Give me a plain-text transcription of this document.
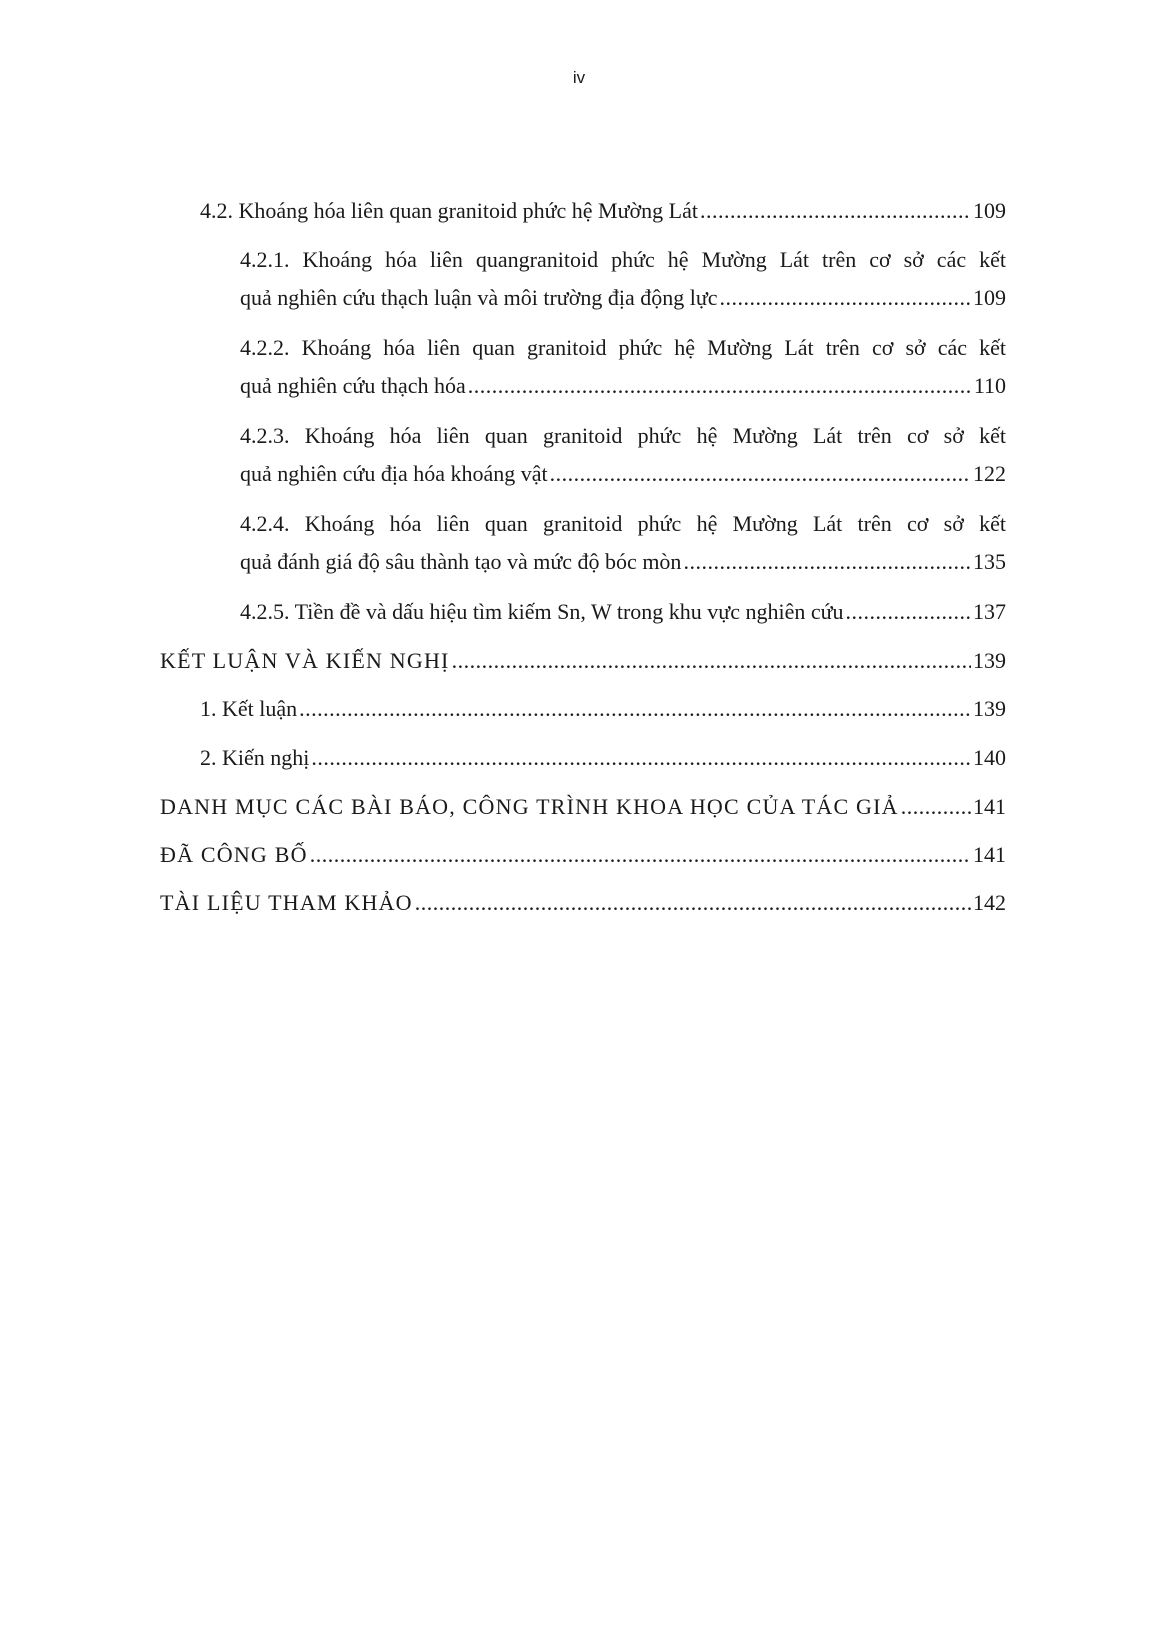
iv
4.2. Khoáng hóa liên quan granitoid phức hệ Mường Lát .....	109
4.2.1. Khoáng hóa liên quangranitoid phức hệ Mường Lát trên cơ sở các kết
quả nghiên cứu thạch luận và môi trường địa động lực .....	109
4.2.2. Khoáng hóa liên quan granitoid phức hệ Mường Lát trên cơ sở các kết
quả nghiên cứu thạch hóa .....	110
4.2.3. Khoáng hóa liên quan granitoid phức hệ Mường Lát trên cơ sở kết
quả nghiên cứu địa hóa khoáng vật .....	122
4.2.4. Khoáng hóa liên quan granitoid phức hệ Mường Lát trên cơ sở kết
quả đánh giá độ sâu thành tạo và mức độ bóc mòn .....	135
4.2.5. Tiền đề và dấu hiệu tìm kiếm Sn, W trong khu vực nghiên cứu .....	137
KẾT LUẬN VÀ KIẾN NGHỊ .....	139
1. Kết luận .....	139
2. Kiến nghị .....	140
DANH MỤC CÁC BÀI BÁO, CÔNG TRÌNH KHOA HỌC CỦA TÁC GIẢ .....	141
ĐÃ CÔNG BỐ .....	141
TÀI LIỆU THAM KHẢO .....	142
